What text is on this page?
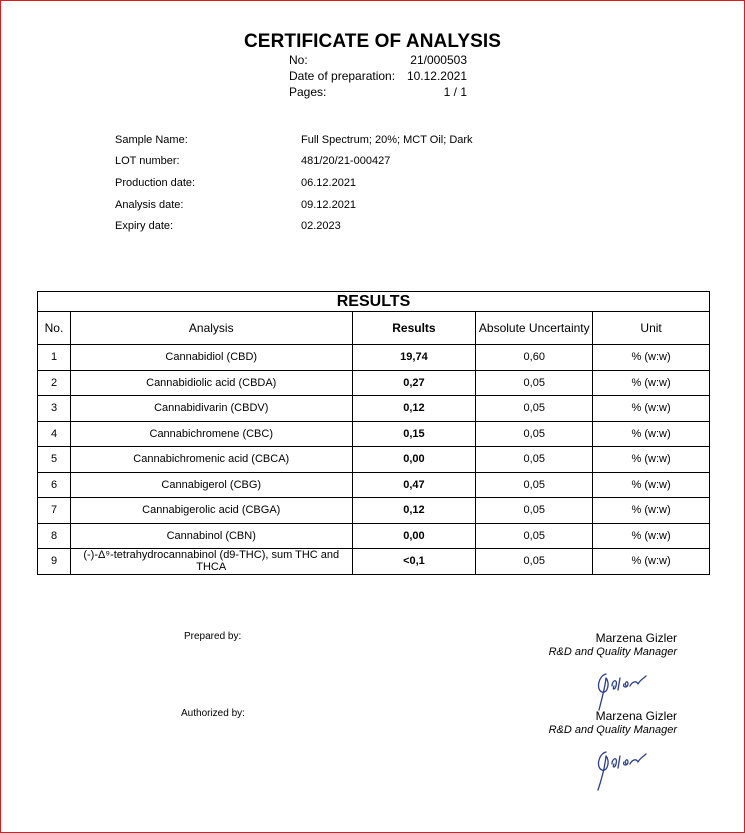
CERTIFICATE OF ANALYSIS
No:	21/000503
Date of preparation: 10.12.2021
Pages:	1 / 1
Sample Name:	Full Spectrum; 20%; MCT Oil; Dark
LOT number:	481/20/21-000427
Production date:	06.12.2021
Analysis date:	09.12.2021
Expiry date:	02.2023
RESULTS				
No.	Analysis	Results	Absolute Uncertainty	Unit
1	Cannabidiol (CBD)	19,74	0,60	% (w:w)
2	Cannabidiolic acid (CBDA)	0,27	0,05	% (w:w)
3	Cannabidivarin (CBDV)	0,12	0,05	% (w:w)
4	Cannabichromene (CBC)	0,15	0,05	% (w:w)
5	Cannabichromenic acid (CBCA)	0,00	0,05	% (w:w)
6	Cannabigerol (CBG)	0,47	0,05	% (w:w)
7	Cannabigerolic acid (CBGA)	0,12	0,05	% (w:w)
8	Cannabinol (CBN)	0,00	0,05	% (w:w)
9	(-)-Δ⁹-tetrahydrocannabinol (d9-THC), sum THC and THCA	<0,1	0,05	% (w:w)
Prepared by:	Marzena Gizler
R&D and Quality Manager
Authorized by:	Marzena Gizler
R&D and Quality Manager
